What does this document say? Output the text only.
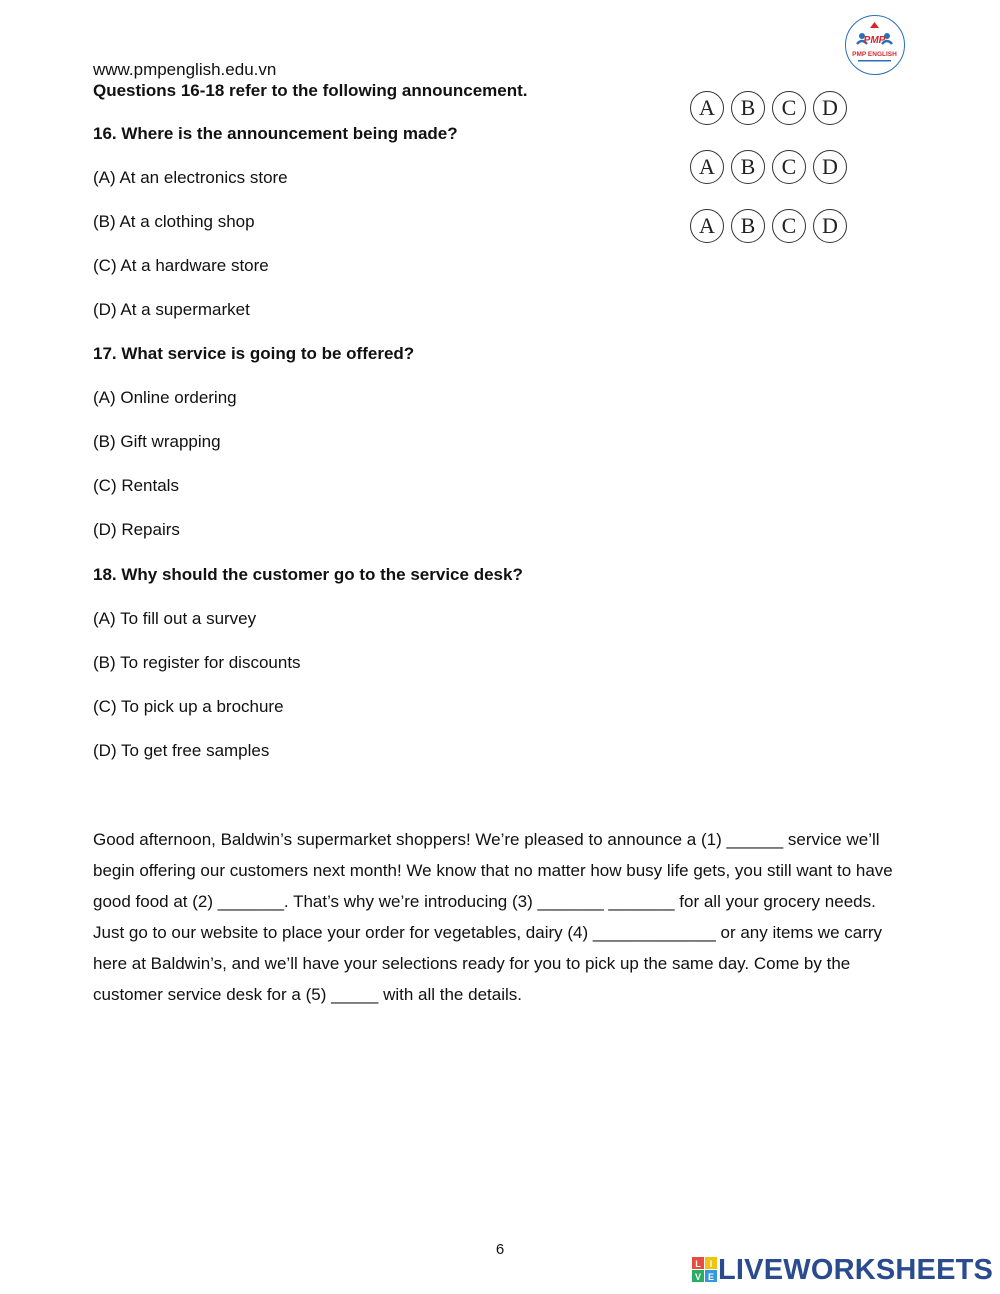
PMP
PMP ENGLISH
www.pmpenglish.edu.vn
Questions 16-18 refer to the following announcement.
A	B	C	D
A	B	C	D
A	B	C	D
16. Where is the announcement being made?
(A) At an electronics store
(B) At a clothing shop
(C) At a hardware store
(D) At a supermarket
17. What service is going to be offered?
(A) Online ordering
(B) Gift wrapping
(C) Rentals
(D) Repairs
18. Why should the customer go to the service desk?
(A) To fill out a survey
(B) To register for discounts
(C) To pick up a brochure
(D) To get free samples

Good afternoon, Baldwin’s supermarket shoppers! We’re pleased to announce a (1) ______ service we’ll begin offering our customers next month! We know that no matter how busy life gets, you still want to have good food at (2) _______. That’s why we’re introducing (3) _______ _______ for all your grocery needs. Just go to our website to place your order for vegetables, dairy (4) _____________ or any items we carry here at Baldwin’s, and we’ll have your selections ready for you to pick up the same day. Come by the customer service desk for a (5) _____ with all the details.

6
L I
V E LIVEWORKSHEETS
